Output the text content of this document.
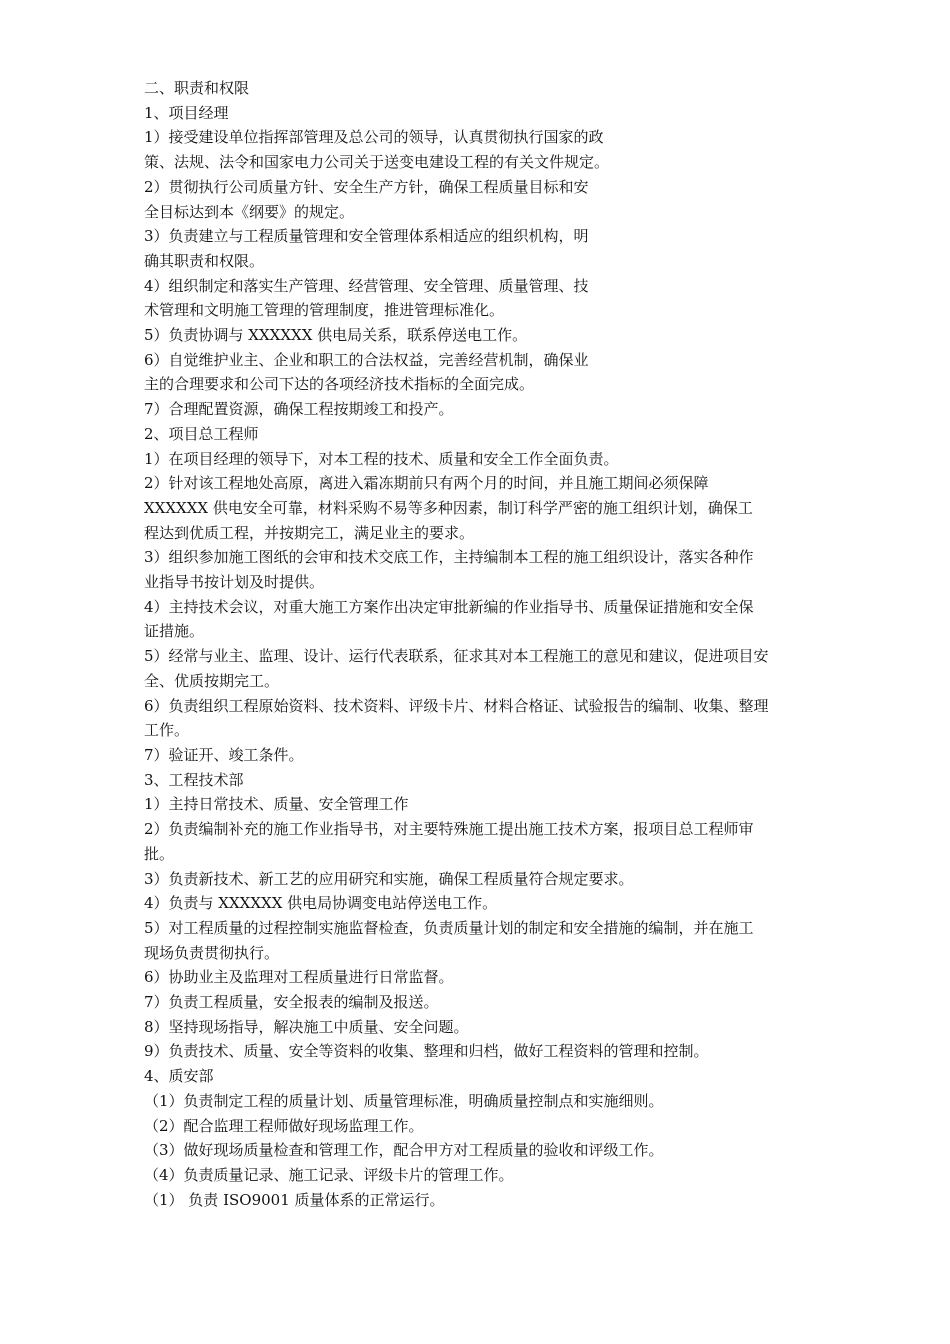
二、职责和权限

1、项目经理

1）接受建设单位指挥部管理及总公司的领导，认真贯彻执行国家的政

策、法规、法令和国家电力公司关于送变电建设工程的有关文件规定。

2）贯彻执行公司质量方针、安全生产方针，确保工程质量目标和安

全目标达到本《纲要》的规定。

3）负责建立与工程质量管理和安全管理体系相适应的组织机构，明

确其职责和权限。

4）组织制定和落实生产管理、经营管理、安全管理、质量管理、技

术管理和文明施工管理的管理制度，推进管理标准化。

5）负责协调与 XXXXXX 供电局关系，联系停送电工作。

6）自觉维护业主、企业和职工的合法权益，完善经营机制，确保业

主的合理要求和公司下达的各项经济技术指标的全面完成。

7）合理配置资源，确保工程按期竣工和投产。

2、项目总工程师

1）在项目经理的领导下，对本工程的技术、质量和安全工作全面负责。

2）针对该工程地处高原，离进入霜冻期前只有两个月的时间，并且施工期间必须保障

XXXXXX 供电安全可靠，材料采购不易等多种因素，制订科学严密的施工组织计划，确保工

程达到优质工程，并按期完工，满足业主的要求。

3）组织参加施工图纸的会审和技术交底工作，主持编制本工程的施工组织设计，落实各种作

业指导书按计划及时提供。

4）主持技术会议，对重大施工方案作出决定审批新编的作业指导书、质量保证措施和安全保

证措施。

5）经常与业主、监理、设计、运行代表联系，征求其对本工程施工的意见和建议，促进项目安

全、优质按期完工。

6）负责组织工程原始资料、技术资料、评级卡片、材料合格证、试验报告的编制、收集、整理

工作。

7）验证开、竣工条件。

3、工程技术部

1）主持日常技术、质量、安全管理工作

2）负责编制补充的施工作业指导书，对主要特殊施工提出施工技术方案，报项目总工程师审

批。

3）负责新技术、新工艺的应用研究和实施，确保工程质量符合规定要求。

4）负责与 XXXXXX 供电局协调变电站停送电工作。

5）对工程质量的过程控制实施监督检查，负责质量计划的制定和安全措施的编制，并在施工

现场负责贯彻执行。

6）协助业主及监理对工程质量进行日常监督。

7）负责工程质量，安全报表的编制及报送。

8）坚持现场指导，解决施工中质量、安全问题。

9）负责技术、质量、安全等资料的收集、整理和归档，做好工程资料的管理和控制。

4、质安部

（1）负责制定工程的质量计划、质量管理标准，明确质量控制点和实施细则。

（2）配合监理工程师做好现场监理工作。

（3）做好现场质量检查和管理工作，配合甲方对工程质量的验收和评级工作。

（4）负责质量记录、施工记录、评级卡片的管理工作。

（1） 负责 ISO9001 质量体系的正常运行。
